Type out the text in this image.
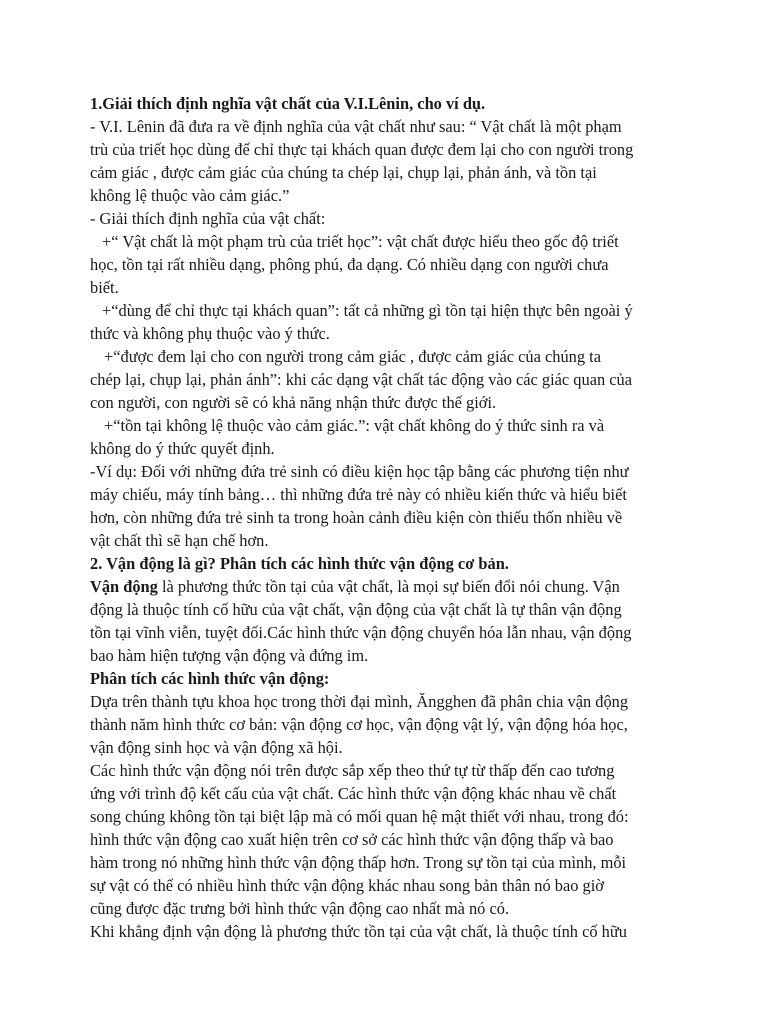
1.Giải thích định nghĩa vật chất của V.I.Lênin, cho ví dụ.
- V.I. Lênin đã đưa ra về định nghĩa của vật chất như sau: “ Vật chất là một phạm
trù của triết học dùng để chỉ thực tại khách quan được đem lại cho con người trong
cảm giác , được cảm giác của chúng ta chép lại, chụp lại, phản ánh, và tồn tại
không lệ thuộc vào cảm giác.”
- Giải thích định nghĩa của vật chất:
+“ Vật chất là một phạm trù của triết học”: vật chất được hiểu theo gốc độ triết
học, tồn tại rất nhiều dạng, phông phú, đa dạng. Có nhiều dạng con người chưa
biết.
+“dùng để chỉ thực tại khách quan”: tất cả những gì tồn tại hiện thực bên ngoài ý
thức và không phụ thuộc vào ý thức.
+“được đem lại cho con người trong cảm giác , được cảm giác của chúng ta
chép lại, chụp lại, phản ánh”: khi các dạng vật chất tác động vào các giác quan của
con người, con người sẽ có khả năng nhận thức được thế giới.
+“tồn tại không lệ thuộc vào cảm giác.”: vật chất không do ý thức sinh ra và
không do ý thức quyết định.
-Ví dụ: Đối với những đứa trẻ sinh có điều kiện học tập bằng các phương tiện như
máy chiếu, máy tính bảng… thì những đứa trẻ này có nhiều kiến thức và hiểu biết
hơn, còn những đứa trẻ sinh ta trong hoàn cảnh điều kiện còn thiếu thốn nhiều về
vật chất thì sẽ hạn chế hơn.
2. Vận động là gì? Phân tích các hình thức vận động cơ bản.
Vận động là phương thức tồn tại của vật chất, là mọi sự biến đổi nói chung. Vận
động là thuộc tính cố hữu của vật chất, vận động của vật chất là tự thân vận động
tồn tại vĩnh viễn, tuyệt đối.Các hình thức vận động chuyển hóa lẫn nhau, vận động
bao hàm hiện tượng vận động và đứng im.
Phân tích các hình thức vận động:
Dựa trên thành tựu khoa học trong thời đại mình, Ăngghen đã phân chia vận động
thành năm hình thức cơ bản: vận động cơ học, vận động vật lý, vận động hóa học,
vận động sinh học và vận động xã hội.
Các hình thức vận động nói trên được sắp xếp theo thứ tự từ thấp đến cao tương
ứng với trình độ kết cấu của vật chất. Các hình thức vận động khác nhau về chất
song chúng không tồn tại biệt lập mà có mối quan hệ mật thiết với nhau, trong đó:
hình thức vận động cao xuất hiện trên cơ sở các hình thức vận động thấp và bao
hàm trong nó những hình thức vận động thấp hơn. Trong sự tồn tại của mình, mỗi
sự vật có thể có nhiều hình thức vận động khác nhau song bản thân nó bao giờ
cũng được đặc trưng bởi hình thức vận động cao nhất mà nó có.
Khi khẳng định vận động là phương thức tồn tại của vật chất, là thuộc tính cố hữu
